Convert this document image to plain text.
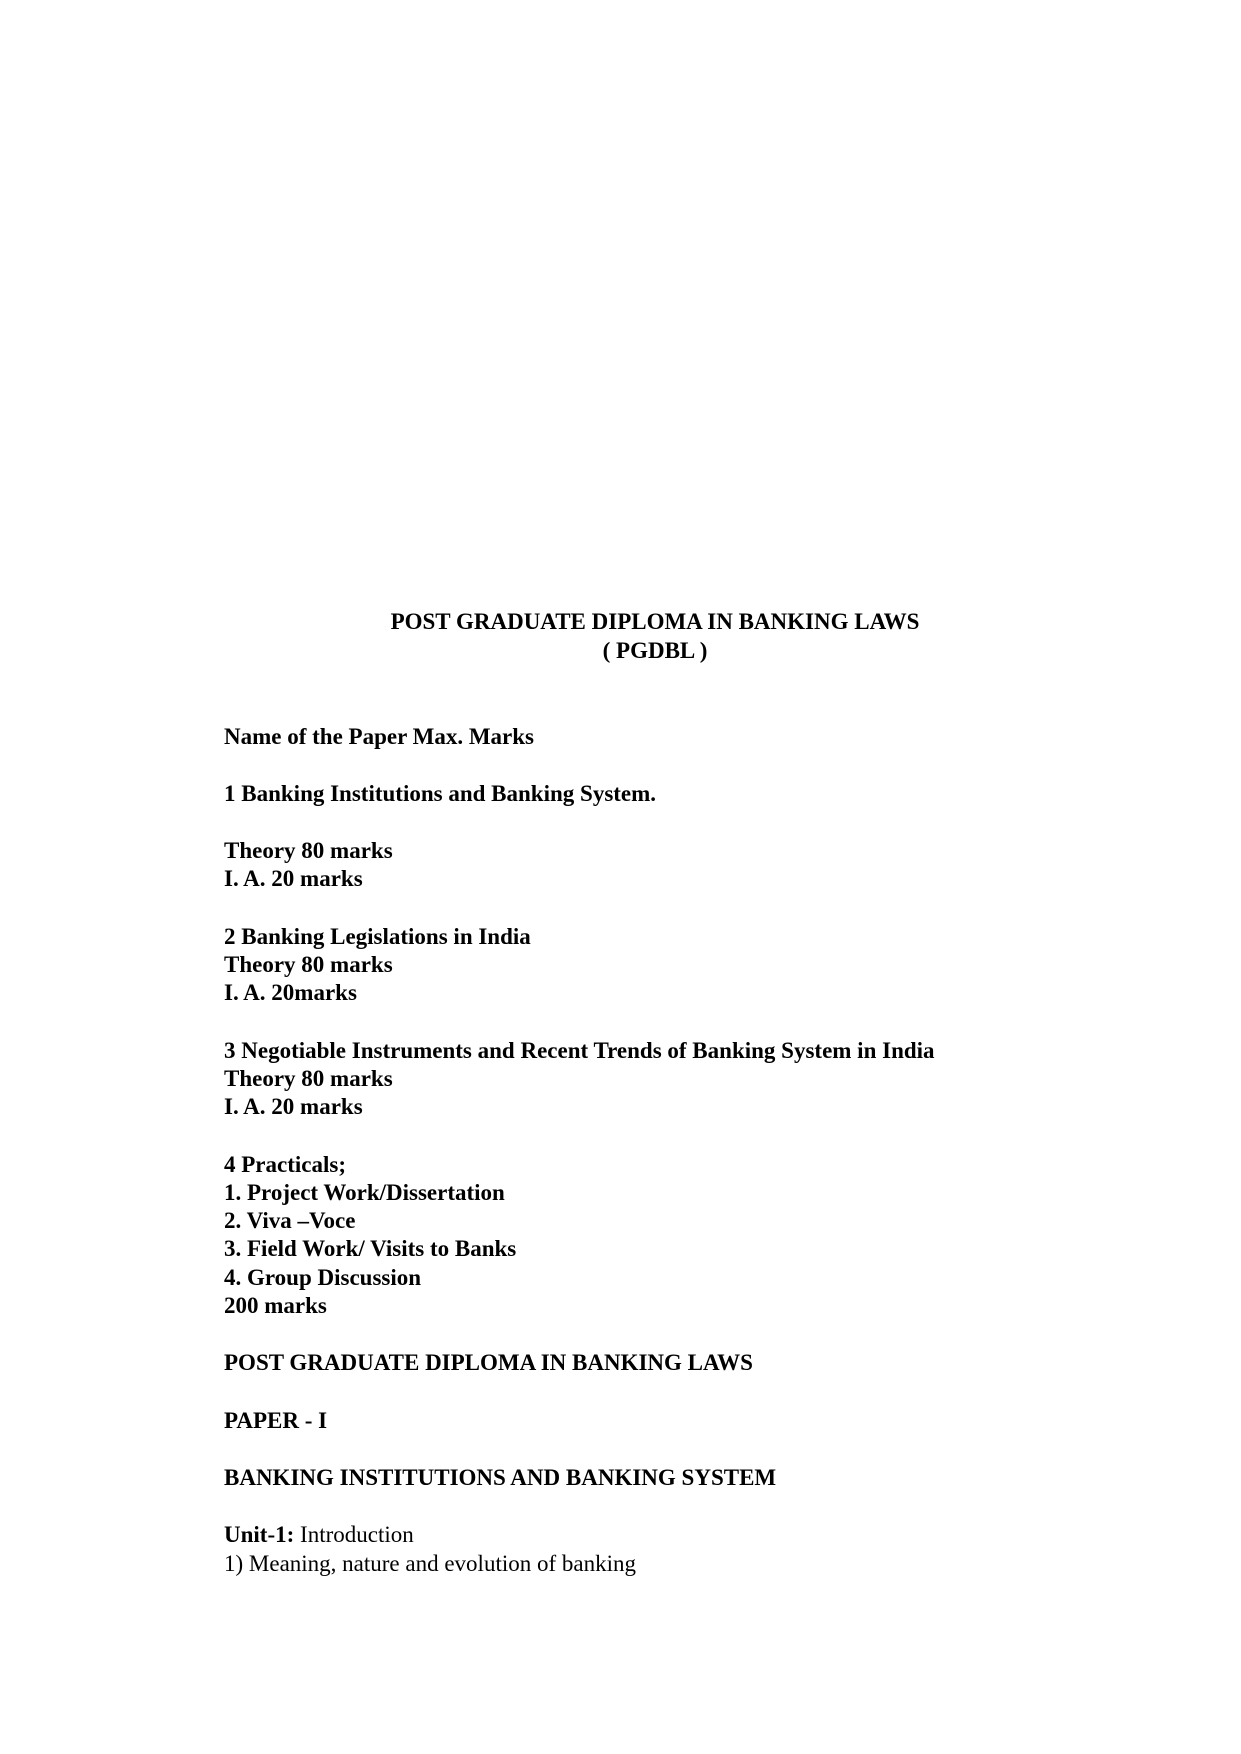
POST GRADUATE DIPLOMA IN BANKING LAWS
( PGDBL )
Name of the Paper Max. Marks
1 Banking Institutions and Banking System.
Theory 80 marks
I. A. 20 marks
2 Banking Legislations in India
Theory 80 marks
I. A. 20marks
3 Negotiable Instruments and Recent Trends of Banking System in India
Theory 80 marks
I. A. 20 marks
4 Practicals;
1. Project Work/Dissertation
2. Viva –Voce
3. Field Work/ Visits to Banks
4. Group Discussion
200 marks
POST GRADUATE DIPLOMA IN BANKING LAWS
PAPER - I
BANKING INSTITUTIONS AND BANKING SYSTEM
Unit-1: Introduction
1) Meaning, nature and evolution of banking
